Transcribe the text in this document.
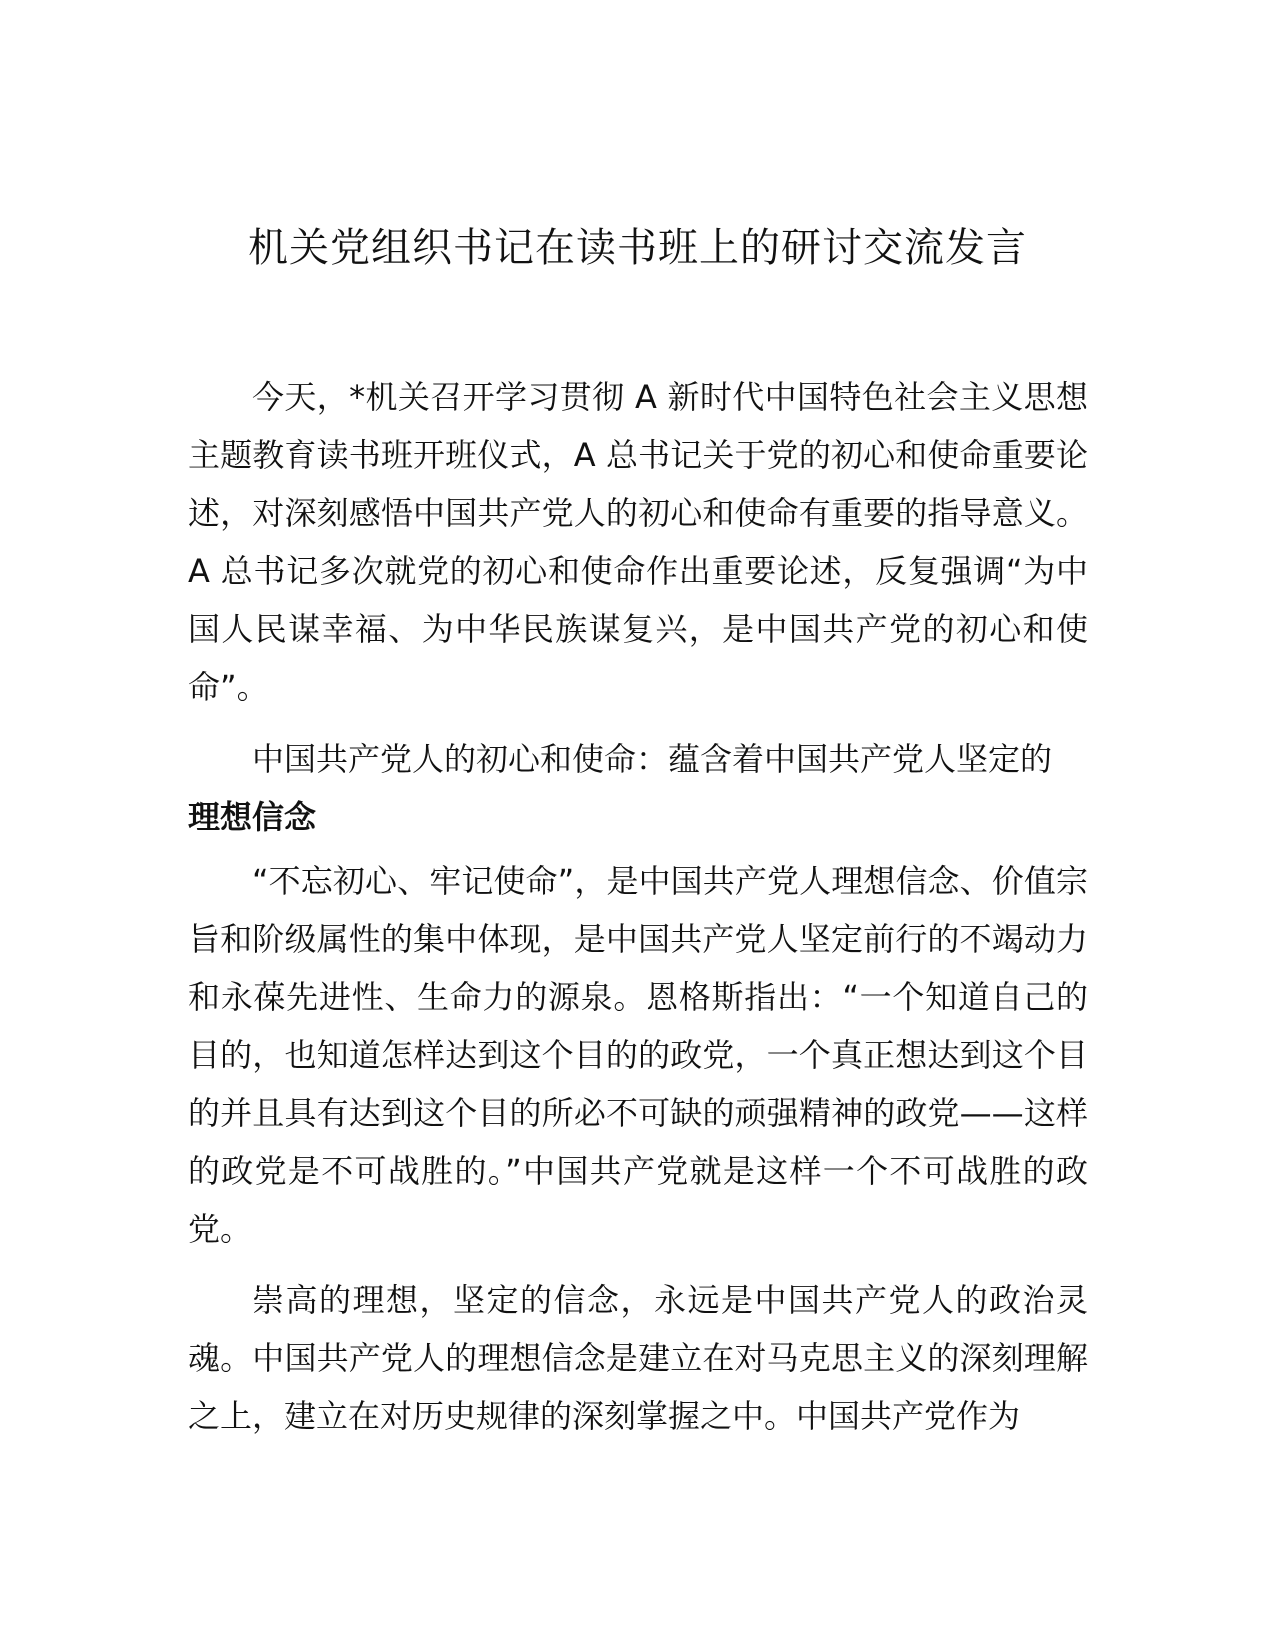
机关党组织书记在读书班上的研讨交流发言

今天，*机关召开学习贯彻 A 新时代中国特色社会主义思想主题教育读书班开班仪式，A 总书记关于党的初心和使命重要论述，对深刻感悟中国共产党人的初心和使命有重要的指导意义。A 总书记多次就党的初心和使命作出重要论述，反复强调“为中国人民谋幸福、为中华民族谋复兴，是中国共产党的初心和使命”。

中国共产党人的初心和使命：蕴含着中国共产党人坚定的
理想信念

“不忘初心、牢记使命”，是中国共产党人理想信念、价值宗旨和阶级属性的集中体现，是中国共产党人坚定前行的不竭动力和永葆先进性、生命力的源泉。恩格斯指出：“一个知道自己的目的，也知道怎样达到这个目的的政党，一个真正想达到这个目的并且具有达到这个目的所必不可缺的顽强精神的政党——这样的政党是不可战胜的。”中国共产党就是这样一个不可战胜的政党。

崇高的理想，坚定的信念，永远是中国共产党人的政治灵魂。中国共产党人的理想信念是建立在对马克思主义的深刻理解之上，建立在对历史规律的深刻掌握之中。中国共产党作为
